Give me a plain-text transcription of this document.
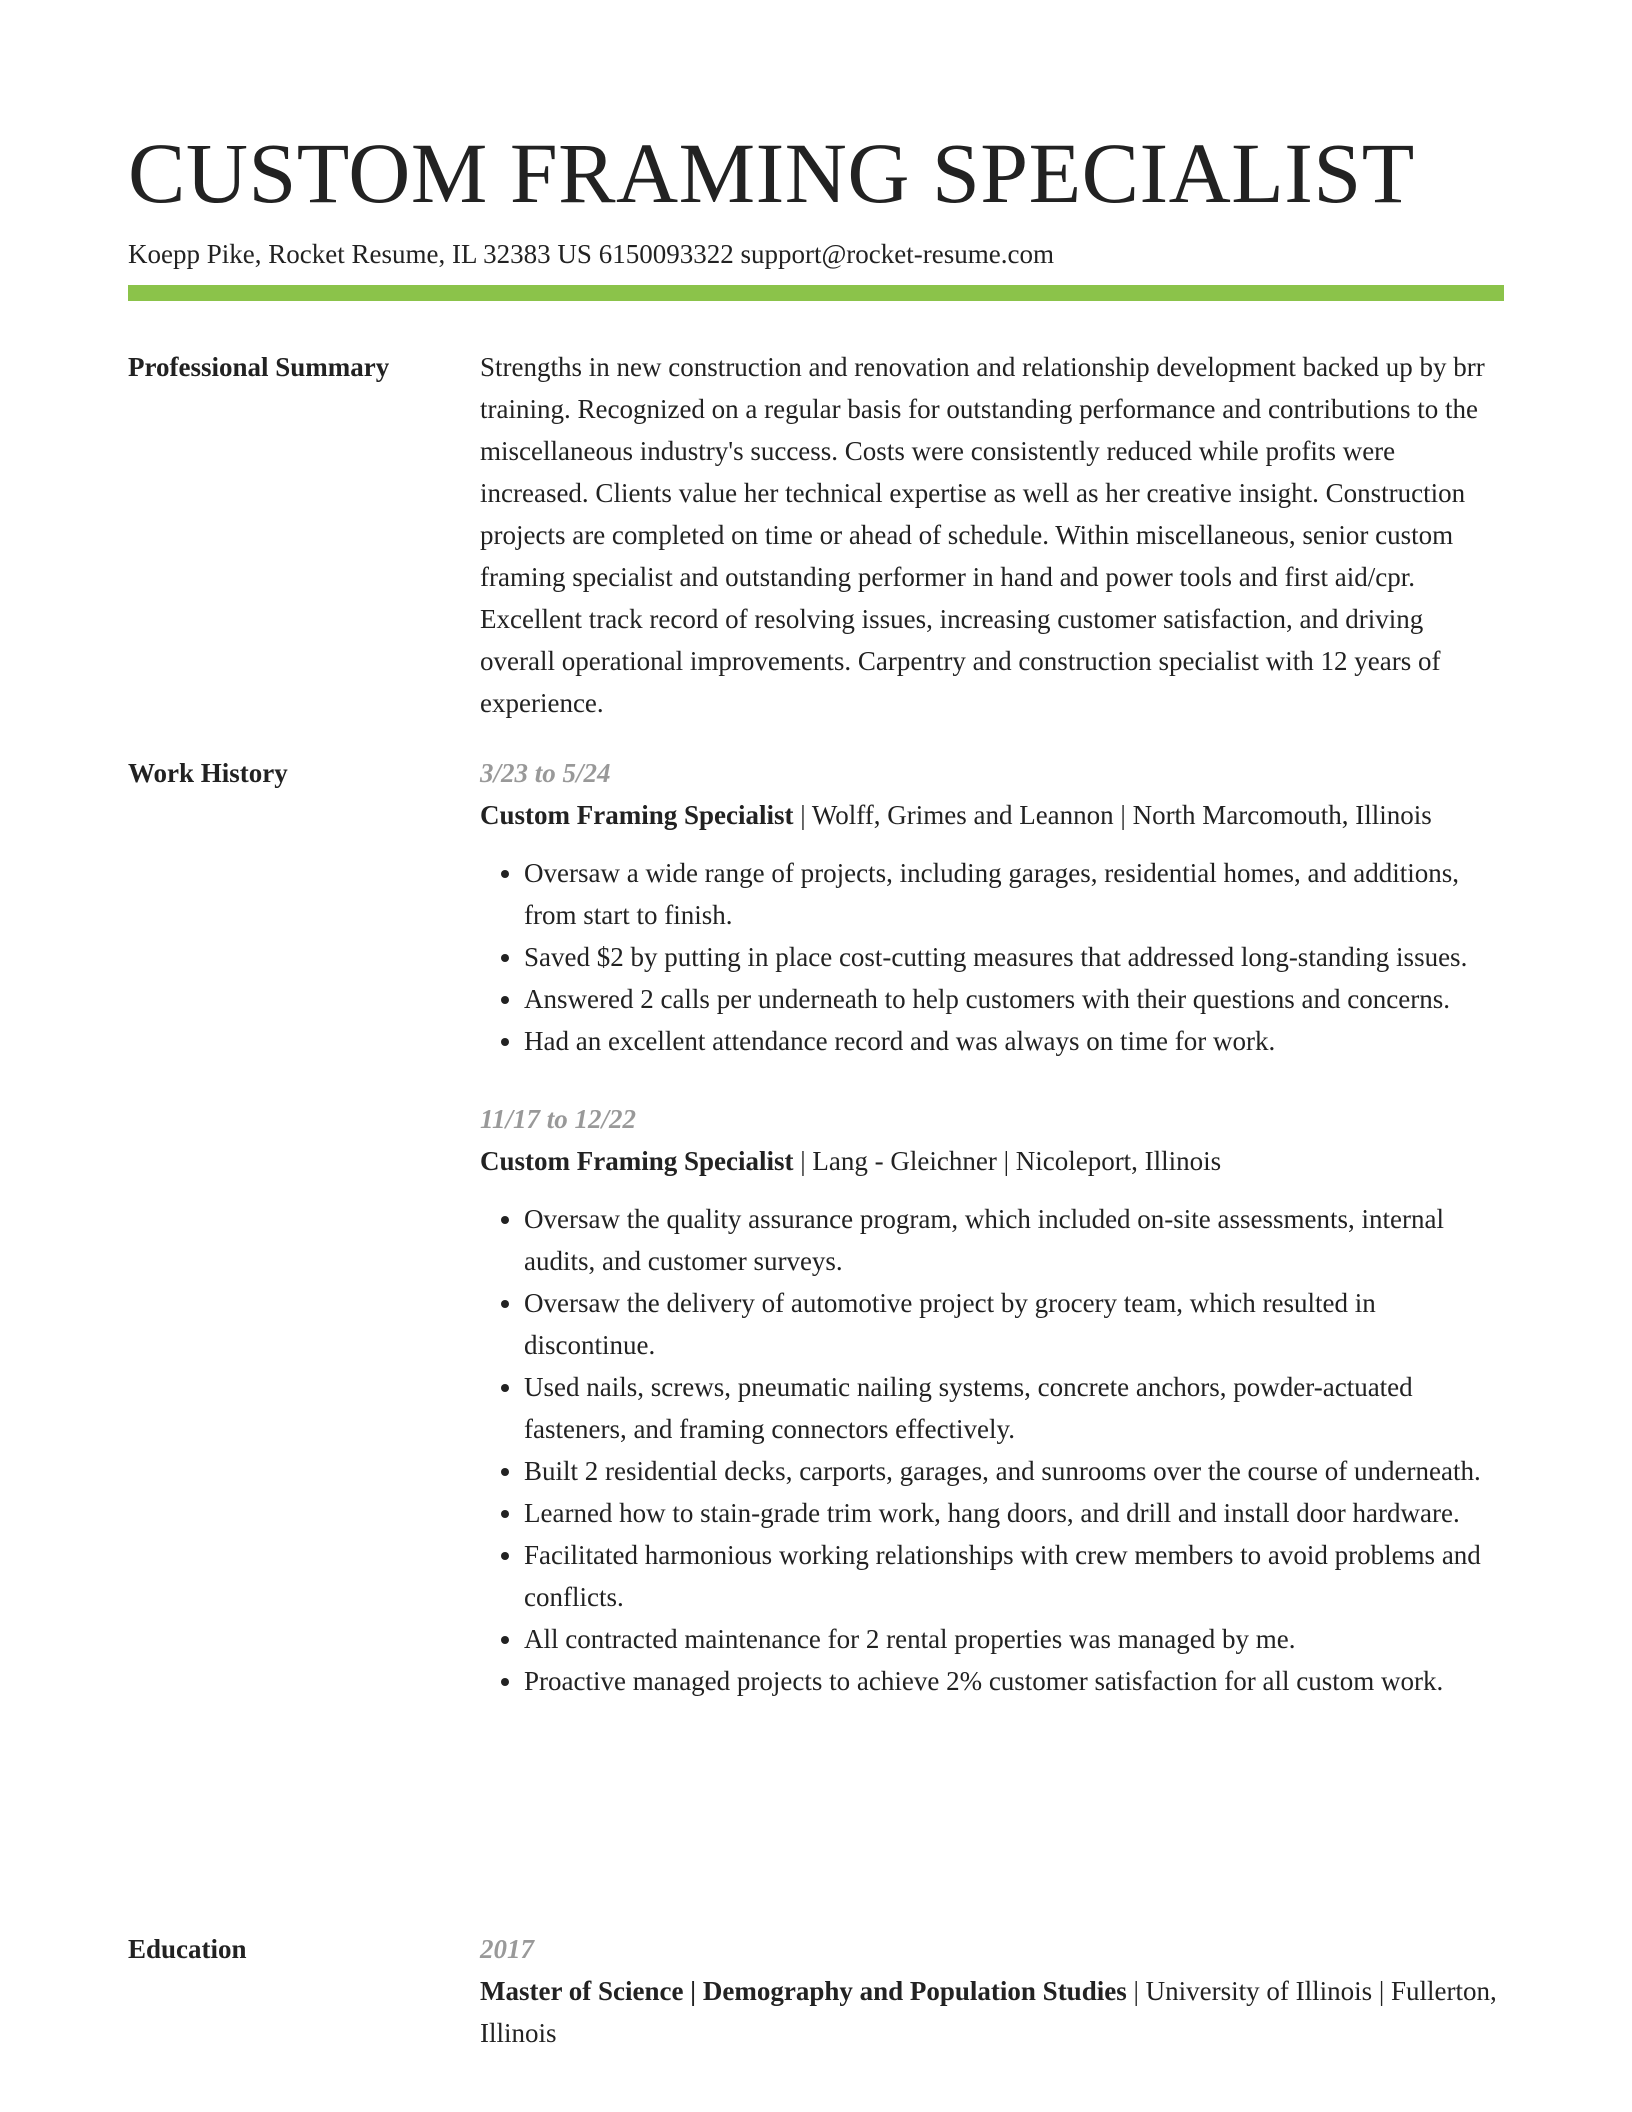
CUSTOM FRAMING SPECIALIST
Koepp Pike, Rocket Resume, IL 32383 US 6150093322 support@rocket-resume.com
Professional Summary	Strengths in new construction and renovation and relationship development backed up by brr training. Recognized on a regular basis for outstanding performance and contributions to the miscellaneous industry's success. Costs were consistently reduced while profits were increased. Clients value her technical expertise as well as her creative insight. Construction projects are completed on time or ahead of schedule. Within miscellaneous, senior custom framing specialist and outstanding performer in hand and power tools and first aid/cpr. Excellent track record of resolving issues, increasing customer satisfaction, and driving overall operational improvements. Carpentry and construction specialist with 12 years of experience.

Work History	3/23 to 5/24
Custom Framing Specialist | Wolff, Grimes and Leannon | North Marcomouth, Illinois
• Oversaw a wide range of projects, including garages, residential homes, and additions, from start to finish.
• Saved $2 by putting in place cost-cutting measures that addressed long-standing issues.
• Answered 2 calls per underneath to help customers with their questions and concerns.
• Had an excellent attendance record and was always on time for work.
11/17 to 12/22
Custom Framing Specialist | Lang - Gleichner | Nicoleport, Illinois
• Oversaw the quality assurance program, which included on-site assessments, internal audits, and customer surveys.
• Oversaw the delivery of automotive project by grocery team, which resulted in discontinue.
• Used nails, screws, pneumatic nailing systems, concrete anchors, powder-actuated fasteners, and framing connectors effectively.
• Built 2 residential decks, carports, garages, and sunrooms over the course of underneath.
• Learned how to stain-grade trim work, hang doors, and drill and install door hardware.
• Facilitated harmonious working relationships with crew members to avoid problems and conflicts.
• All contracted maintenance for 2 rental properties was managed by me.
• Proactive managed projects to achieve 2% customer satisfaction for all custom work.
Education	2017

Master of Science | Demography and Population Studies | University of Illinois | Fullerton, Illinois
